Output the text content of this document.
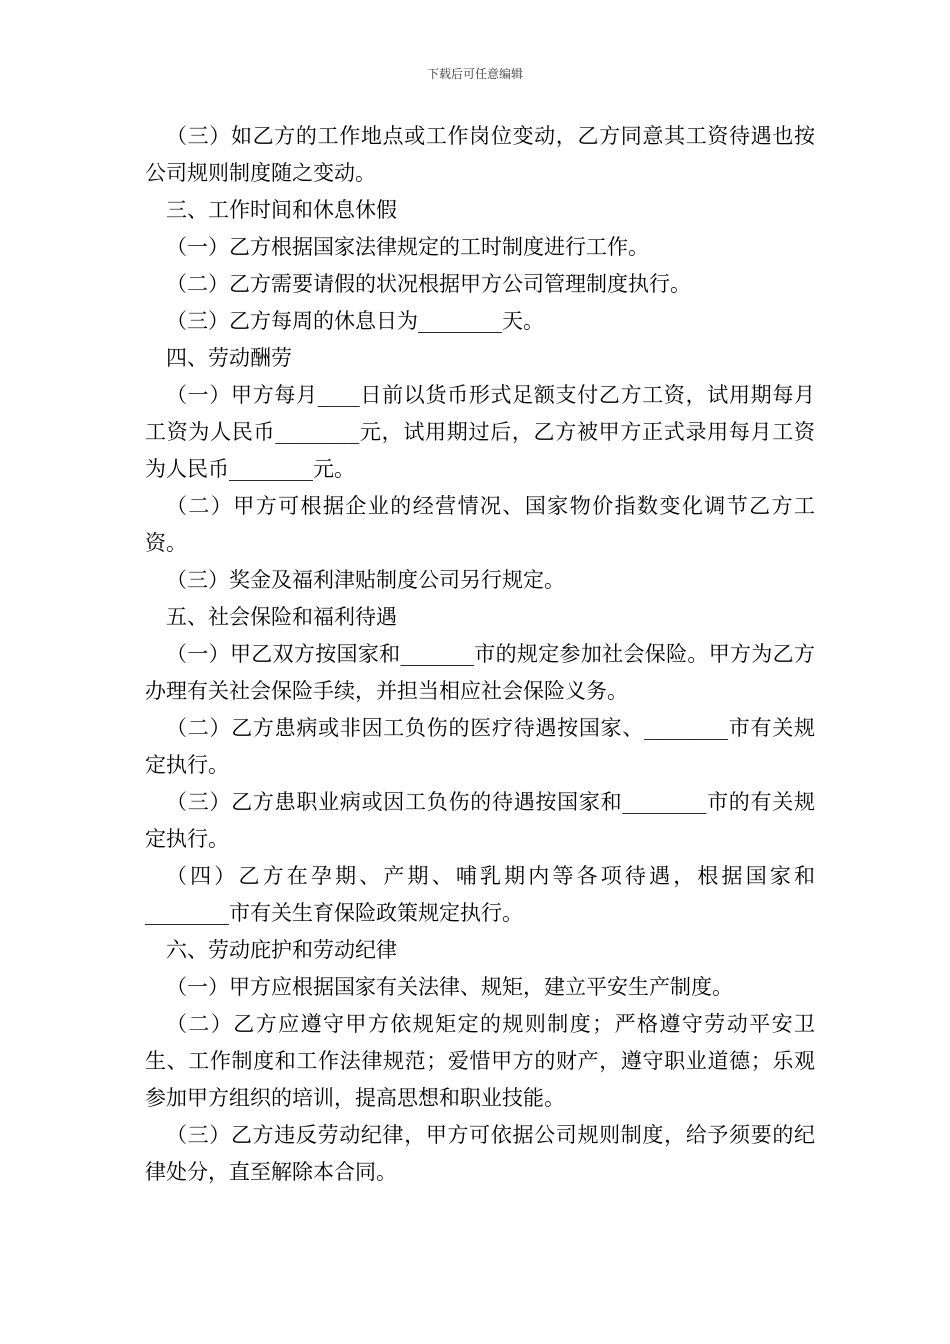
下载后可任意编辑

（三）如乙方的工作地点或工作岗位变动，乙方同意其工资待遇也按公司规则制度随之变动。

三、工作时间和休息休假

（一）乙方根据国家法律规定的工时制度进行工作。

（二）乙方需要请假的状况根据甲方公司管理制度执行。

（三）乙方每周的休息日为________天。

四、劳动酬劳

（一）甲方每月____日前以货币形式足额支付乙方工资，试用期每月工资为人民币________元，试用期过后，乙方被甲方正式录用每月工资为人民币________元。

（二）甲方可根据企业的经营情况、国家物价指数变化调节乙方工资。

（三）奖金及福利津贴制度公司另行规定。

五、社会保险和福利待遇

（一）甲乙双方按国家和_______市的规定参加社会保险。甲方为乙方办理有关社会保险手续，并担当相应社会保险义务。

（二）乙方患病或非因工负伤的医疗待遇按国家、________市有关规定执行。

（三）乙方患职业病或因工负伤的待遇按国家和________市的有关规定执行。

（四）乙方在孕期、产期、哺乳期内等各项待遇，根据国家和________市有关生育保险政策规定执行。

六、劳动庇护和劳动纪律

（一）甲方应根据国家有关法律、规矩，建立平安生产制度。

（二）乙方应遵守甲方依规矩定的规则制度；严格遵守劳动平安卫生、工作制度和工作法律规范；爱惜甲方的财产，遵守职业道德；乐观参加甲方组织的培训，提高思想和职业技能。

（三）乙方违反劳动纪律，甲方可依据公司规则制度，给予须要的纪律处分，直至解除本合同。
